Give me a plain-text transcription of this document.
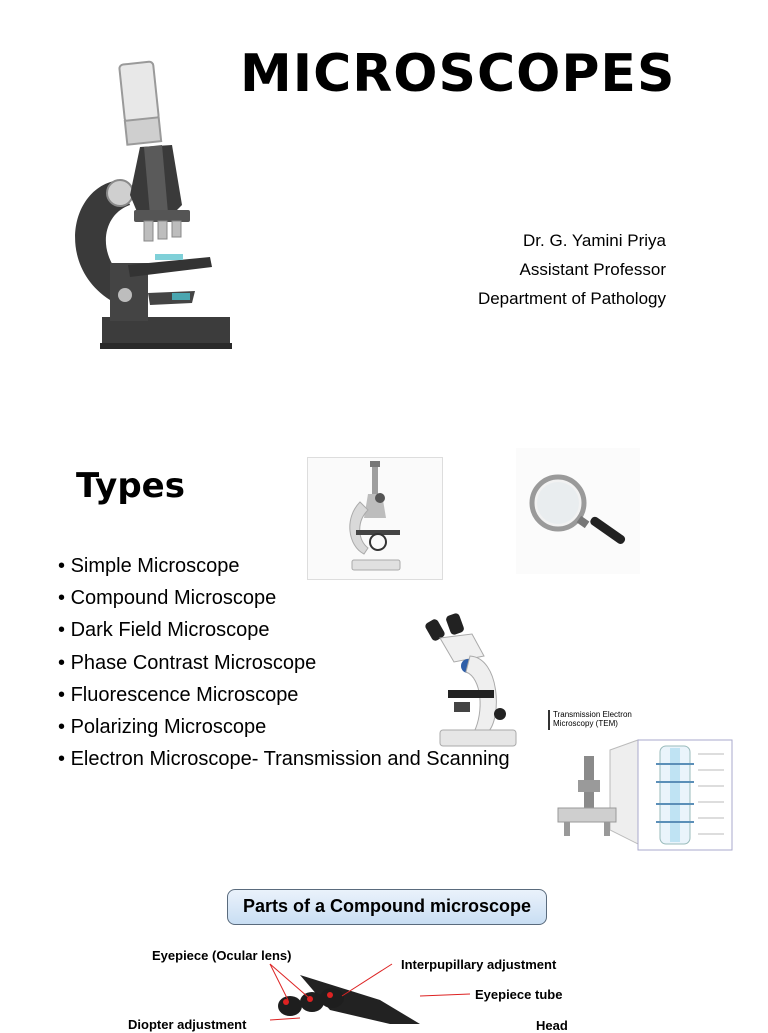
MICROSCOPES
Dr. G. Yamini Priya
Assistant Professor
Department of Pathology
Types
• Simple Microscope
• Compound Microscope
• Dark Field Microscope
• Phase Contrast Microscope
• Fluorescence Microscope
• Polarizing Microscope
• Electron Microscope- Transmission and Scanning
Transmission Electron
Microscopy (TEM)
Parts of a Compound microscope
Eyepiece (Ocular lens)
Interpupillary adjustment
Eyepiece tube
Diopter adjustment	Head
